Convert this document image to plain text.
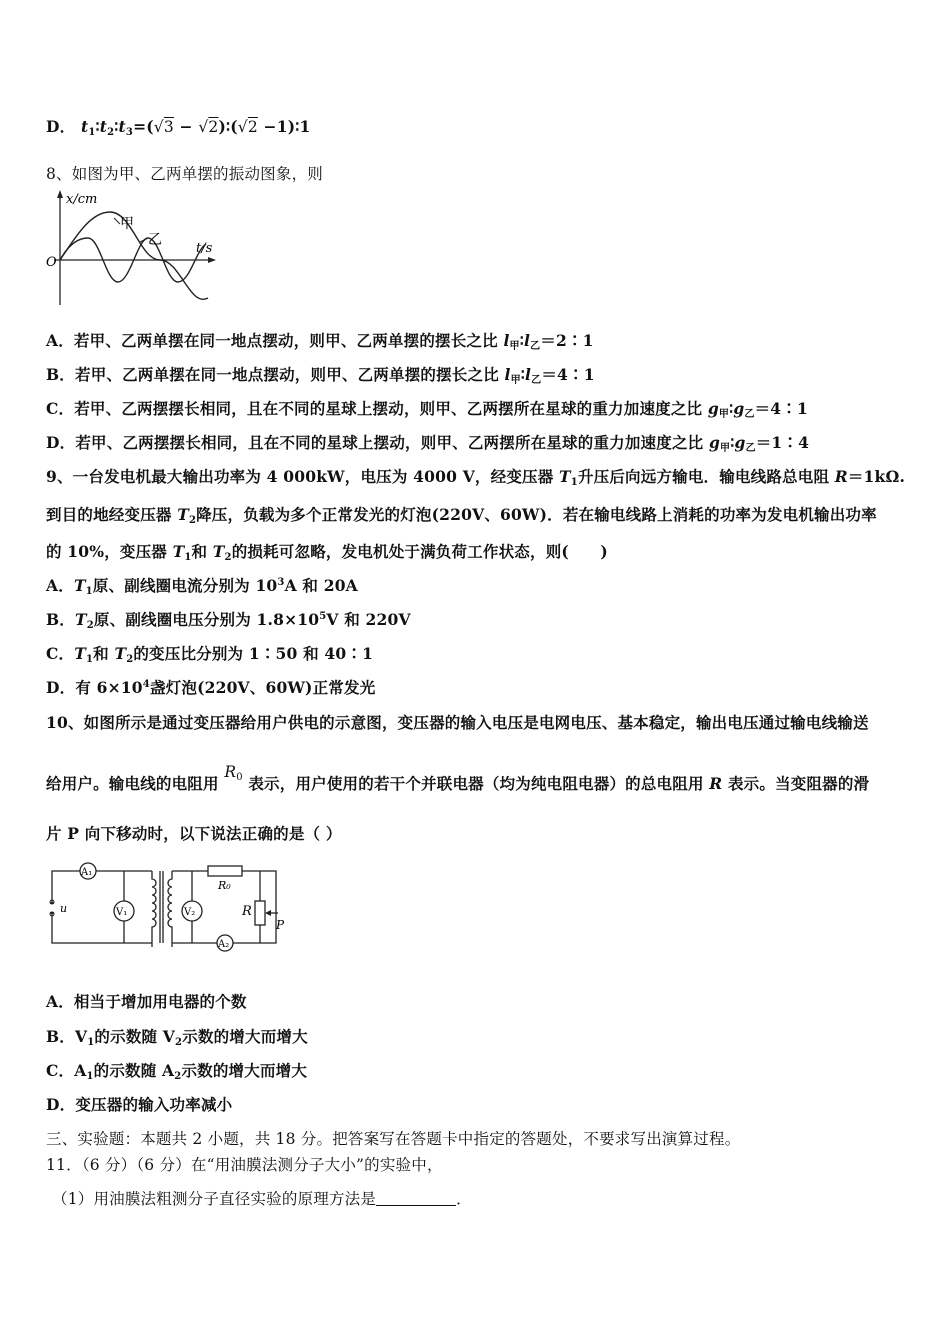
D． $t_1∶t_2∶t_3=(√3$ − √2)∶(√2 −1)∶1
8、如图为甲、乙两单摆的振动图象，则
x/cm
t/s
O
甲
乙
A．若甲、乙两单摆在同一地点摆动，则甲、乙两单摆的摆长之比 $l_甲∶l_乙=2∶1$
B．若甲、乙两单摆在同一地点摆动，则甲、乙两单摆的摆长之比 $l_甲∶l_乙=4∶1$
C．若甲、乙两摆摆长相同，且在不同的星球上摆动，则甲、乙两摆所在星球的重力加速度之比 $g_甲∶g_乙=4∶1$
D．若甲、乙两摆摆长相同，且在不同的星球上摆动，则甲、乙两摆所在星球的重力加速度之比 $g_甲∶g_乙=1∶4$
9、一台发电机最大输出功率为 4 000kW，电压为 4000 V，经变压器 $T_1$升压后向远方输电．输电线路总电阻 R＝1kΩ.
到目的地经变压器 $T_2$降压，负载为多个正常发光的灯泡(220V、60W)．若在输电线路上消耗的功率为发电机输出功率
的 10%，变压器 $T_1$和 $T_2$的损耗可忽略，发电机处于满负荷工作状态，则(　　)
A．$T_1$原、副线圈电流分别为 $10^3A$ 和 20A
B．$T_2$原、副线圈电压分别为 $1.8\times 10^5V$ 和 220V
C．$T_1$和 $T_2$的变压比分别为 1∶50 和 40∶1
D．有 $6\times 10^4$盏灯泡(220V、60W)正常发光
10、如图所示是通过变压器给用户供电的示意图，变压器的输入电压是电网电压、基本稳定，输出电压通过输电线输送
给用户。输电线的电阻用 $R_0$ 表示，用户使用的若干个并联电器（均为纯电阻电器）的总电阻用 R 表示。当变阻器的滑
片 P 向下移动时，以下说法正确的是（ ）
u
A₁
V₁	V₂
A₂
R₀
R
P
A．相当于增加用电器的个数
B．$V_1$的示数随 $V_2$示数的增大而增大
C．$A_1$的示数随 $A_2$示数的增大而增大
D．变压器的输入功率减小
三、实验题：本题共 2 小题，共 18 分。把答案写在答题卡中指定的答题处，不要求写出演算过程。
11．（6 分）（6 分）在“用油膜法测分子大小”的实验中，
（1）用油膜法粗测分子直径实验的原理方法是	．
